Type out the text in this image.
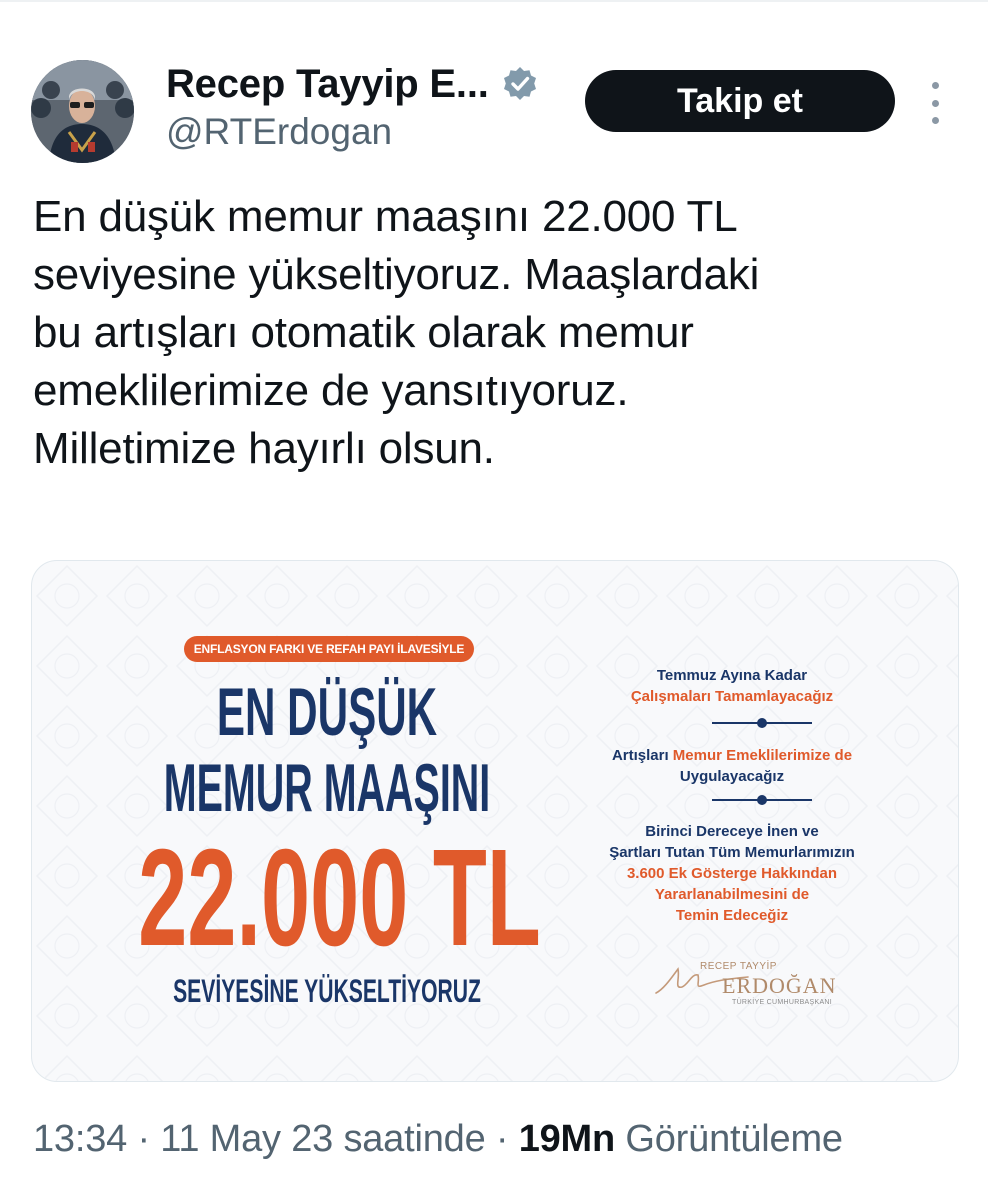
Recep Tayyip E...
@RTErdogan
Takip et
En düşük memur maaşını 22.000 TL
seviyesine yükseltiyoruz. Maaşlardaki
bu artışları otomatik olarak memur
emeklilerimize de yansıtıyoruz.
Milletimize hayırlı olsun.
ENFLASYON FARKI VE REFAH PAYI İLAVESİYLE
EN DÜŞÜK
MEMUR MAAŞINI
22.000 TL
SEVİYESİNE YÜKSELTİYORUZ
Temmuz Ayına Kadar
Çalışmaları Tamamlayacağız
Artışları Memur Emeklilerimize de
Uygulayacağız
Birinci Dereceye İnen ve
Şartları Tutan Tüm Memurlarımızın
3.600 Ek Gösterge Hakkından
Yararlanabilmesini de
Temin Edeceğiz
RECEP TAYYİP
ERDOĞAN
TÜRKİYE CUMHURBAŞKANI
13:34 · 11 May 23 saatinde · 19Mn Görüntüleme
